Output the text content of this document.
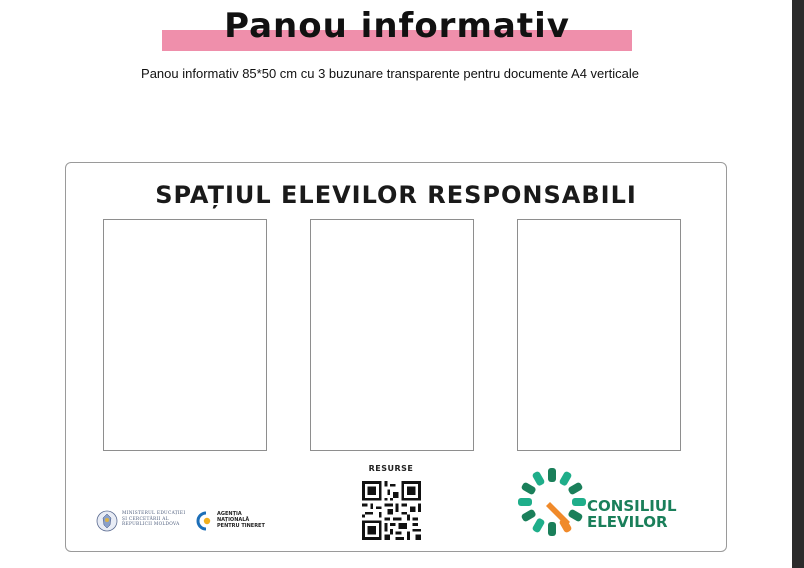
Panou informativ
Panou informativ 85*50 cm cu 3 buzunare transparente pentru documente A4 verticale
SPAȚIUL ELEVILOR RESPONSABILI
MINISTERUL EDUCAȚIEI ȘI CERCETĂRII AL REPUBLICII MOLDOVA
AGENȚIA
NAȚIONALĂ
PENTRU TINERET
RESURSE
CONSILIUL
ELEVILOR
